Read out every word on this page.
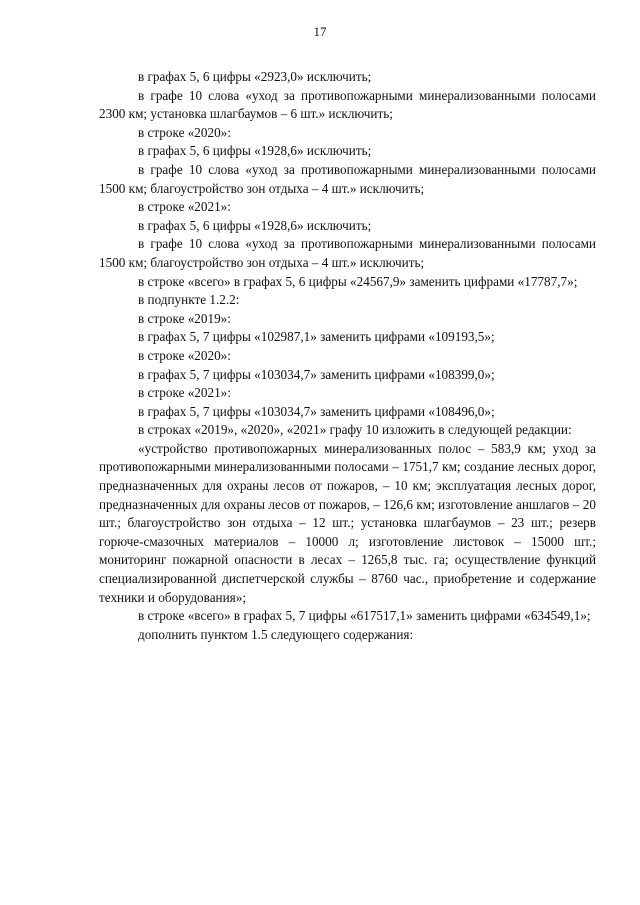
17

в графах 5, 6 цифры «2923,0» исключить;

в графе 10 слова «уход за противопожарными минерализованными полосами 2300 км; установка шлагбаумов – 6 шт.» исключить;

в строке «2020»:

в графах 5, 6 цифры «1928,6» исключить;

в графе 10 слова «уход за противопожарными минерализованными полосами 1500 км; благоустройство зон отдыха – 4 шт.» исключить;

в строке «2021»:

в графах 5, 6 цифры «1928,6» исключить;

в графе 10 слова «уход за противопожарными минерализованными полосами 1500 км; благоустройство зон отдыха – 4 шт.» исключить;

в строке «всего» в графах 5, 6 цифры «24567,9» заменить цифрами «17787,7»;

в подпункте 1.2.2:

в строке «2019»:

в графах 5, 7 цифры «102987,1» заменить цифрами «109193,5»;

в строке «2020»:

в графах 5, 7 цифры «103034,7» заменить цифрами «108399,0»;

в строке «2021»:

в графах 5, 7 цифры «103034,7» заменить цифрами «108496,0»;

в строках «2019», «2020», «2021» графу 10 изложить в следующей редакции:

«устройство противопожарных минерализованных полос – 583,9 км; уход за противопожарными минерализованными полосами – 1751,7 км; создание лесных дорог, предназначенных для охраны лесов от пожаров, – 10 км; эксплуатация лесных дорог, предназначенных для охраны лесов от пожаров, – 126,6 км; изготовление аншлагов – 20 шт.; благоустройство зон отдыха – 12 шт.; установка шлагбаумов – 23 шт.; резерв горюче-смазочных материалов – 10000 л; изготовление листовок – 15000 шт.; мониторинг пожарной опасности в лесах – 1265,8 тыс. га; осуществление функций специализированной диспетчерской службы – 8760 час., приобретение и содержание техники и оборудования»;

в строке «всего» в графах 5, 7 цифры «617517,1» заменить цифрами «634549,1»;

дополнить пунктом 1.5 следующего содержания:
